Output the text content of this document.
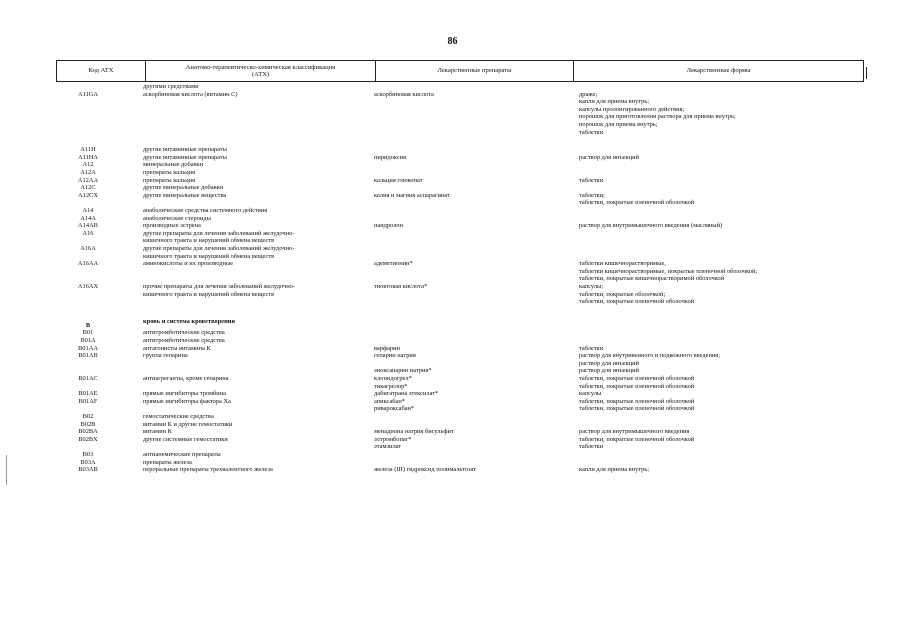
86
Код АТХ
Анатомо-терапевтическо-химическая классификация
(АТХ)
Лекарственные препараты	Лекарственные формы
другими средствами
A11GA	аскорбиновая кислота (витамин С)	аскорбиновая кислота	драже;
капли для приема внутрь;
капсулы пролонгированного действия;
порошок для приготовления раствора для приема внутрь;
порошок для приема внутрь;
таблетки
A11H	другие витаминные препараты
A11HA	другие витаминные препараты	пиридоксин	раствор для инъекций
A12	минеральные добавки
A12A	препараты кальция
A12AA	препараты кальция	кальция глюконат	таблетки
A12C	другие минеральные добавки
A12CX	другие минеральные вещества	калия и магния аспарагинат	таблетки;
таблетки, покрытые пленочной оболочкой
A14	анаболические средства системного действия
A14A	анаболические стероиды
A14AB	производные эстрена	нандролон	раствор для внутримышечного введения (масляный)
A16	другие препараты для лечения заболеваний желудочно-
кишечного тракта и нарушений обмена веществ
A16A	другие препараты для лечения заболеваний желудочно-
кишечного тракта и нарушений обмена веществ
A16AA	аминокислоты и их производные	адеметионин*	таблетки кишечнорастворимые,
таблетки кишечнорастворимые, покрытые пленочной оболочкой;
таблетки, покрытые кишечнорастворимой оболочкой
A16AX	прочие препараты для лечения заболеваний желудочно-
кишечного тракта и нарушений обмена веществ
тиоктовая кислота*	капсулы;
таблетки, покрытые оболочкой;
таблетки, покрытые пленочной оболочкой
B
кровь и система кроветворения
B01	антитромботические средства
B01A	антитромботические средства
B01AA	антагонисты витамина К	варфарин	таблетки
B01AB	группа гепарина	гепарин натрия	раствор для внутривенного и подкожного введения;
раствор для инъекций
эноксапарин натрия*	раствор для инъекций
B01AC	антиагреганты, кроме гепарина	клопидогрел*	таблетки, покрытые пленочной оболочкой
тикагрелор*	таблетки, покрытые пленочной оболочкой
B01AE	прямые ингибиторы тромбина	дабигатрана этексилат*	капсулы
B01AF	прямые ингибиторы фактора Xa	апиксабан*	таблетки, покрытые пленочной оболочкой
ривароксабан*	таблетки, покрытые пленочной оболочкой
B02	гемостатические средства
B02B	витамин К и другие гемостатики
B02BA	витамин К	менадиона натрия бисульфит	раствор для внутримышечного введения
B02BX	другие системные гемостатики	элтромбопаг*	таблетки, покрытые пленочной оболочкой
этамзилат	таблетки
B03	антианемические препараты
B03A	препараты железа
B03AB	пероральные препараты трехвалентного железа	железа (III) гидроксид полимальтозат	капли для приема внутрь;
